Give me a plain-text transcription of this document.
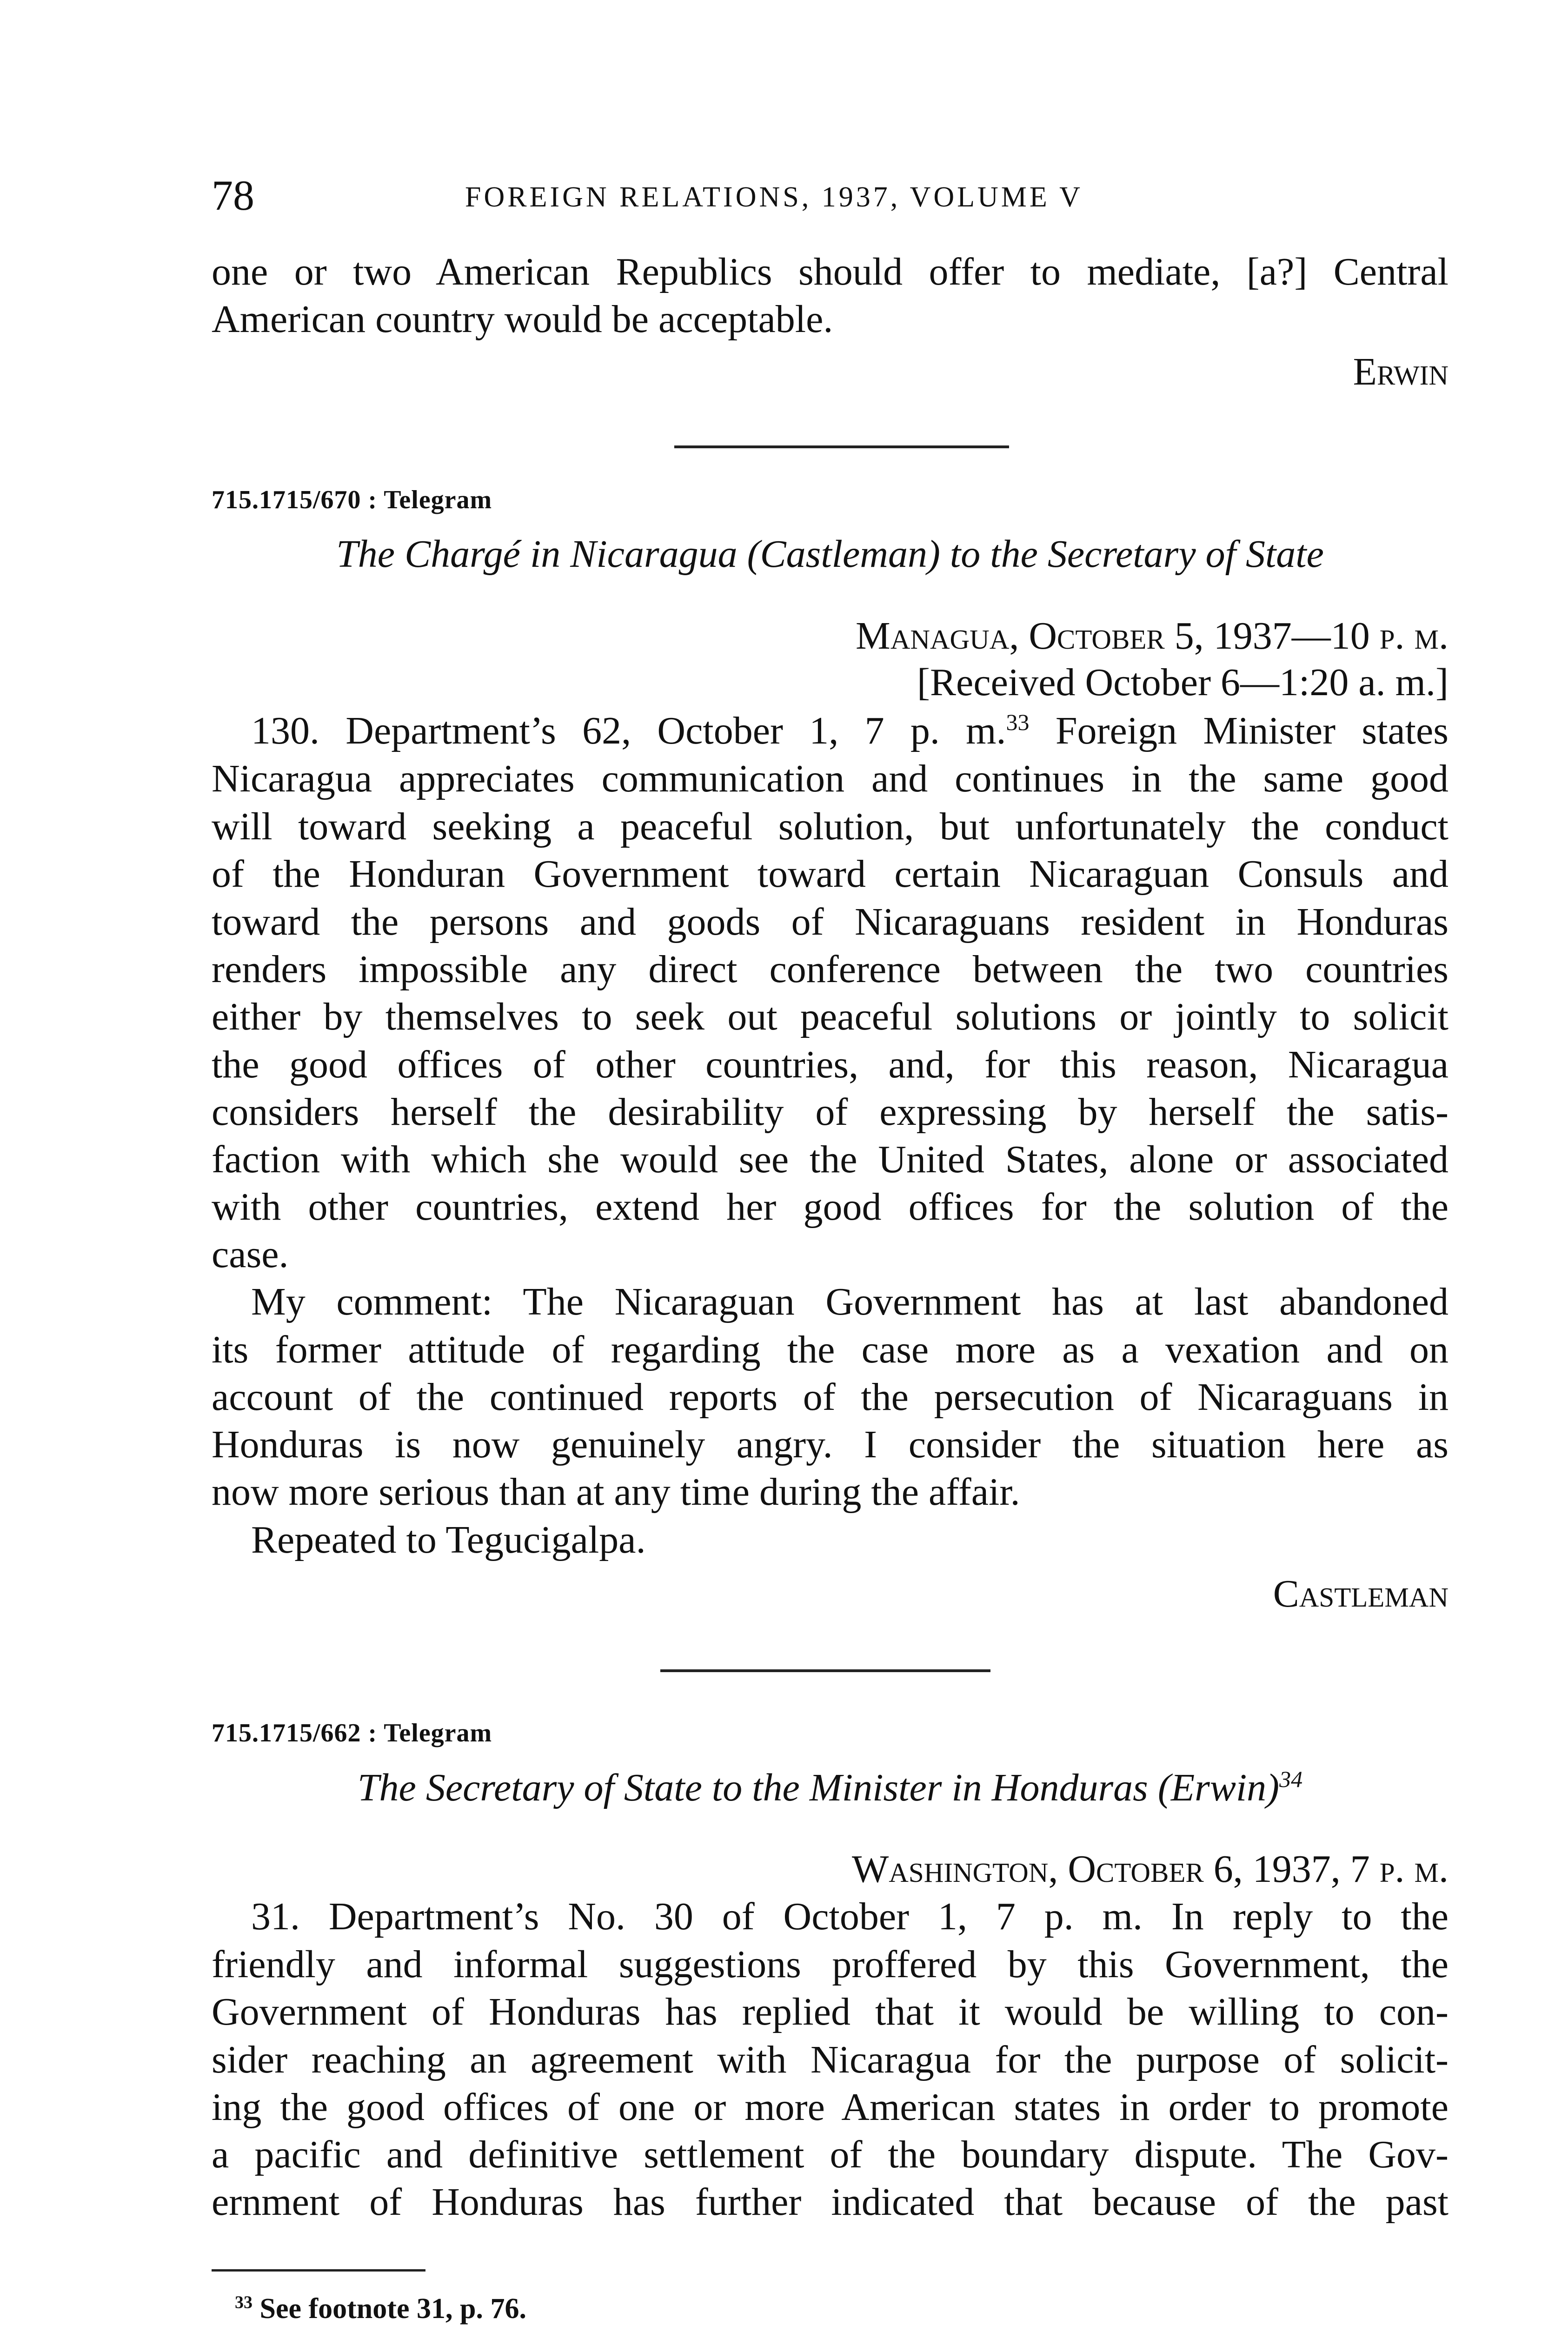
78	FOREIGN RELATIONS, 1937, VOLUME V
one or two American Republics should offer to mediate, [a?] Central
American country would be acceptable.
Erwin
715.1715/670 : Telegram
The Chargé in Nicaragua (Castleman) to the Secretary of State
Managua, October 5, 1937—10 p. m.
[Received October 6—1:20 a. m.]
130. Department’s 62, October 1, 7 p. m.$^{33}$ Foreign Minister states
Nicaragua appreciates communication and continues in the same good
will toward seeking a peaceful solution, but unfortunately the conduct
of the Honduran Government toward certain Nicaraguan Consuls and
toward the persons and goods of Nicaraguans resident in Honduras
renders impossible any direct conference between the two countries
either by themselves to seek out peaceful solutions or jointly to solicit
the good offices of other countries, and, for this reason, Nicaragua
considers herself the desirability of expressing by herself the satis-
faction with which she would see the United States, alone or associated
with other countries, extend her good offices for the solution of the
case.
My comment: The Nicaraguan Government has at last abandoned
its former attitude of regarding the case more as a vexation and on
account of the continued reports of the persecution of Nicaraguans in
Honduras is now genuinely angry. I consider the situation here as
now more serious than at any time during the affair.
Repeated to Tegucigalpa.
Castleman
715.1715/662 : Telegram
The Secretary of State to the Minister in Honduras (Erwin)$^{34}$
Washington, October 6, 1937, 7 p. m.
31. Department’s No. 30 of October 1, 7 p. m. In reply to the
friendly and informal suggestions proffered by this Government, the
Government of Honduras has replied that it would be willing to con-
sider reaching an agreement with Nicaragua for the purpose of solicit-
ing the good offices of one or more American states in order to promote
a pacific and definitive settlement of the boundary dispute. The Gov-
ernment of Honduras has further indicated that because of the past
$^{33}$ See footnote 31, p. 76.
